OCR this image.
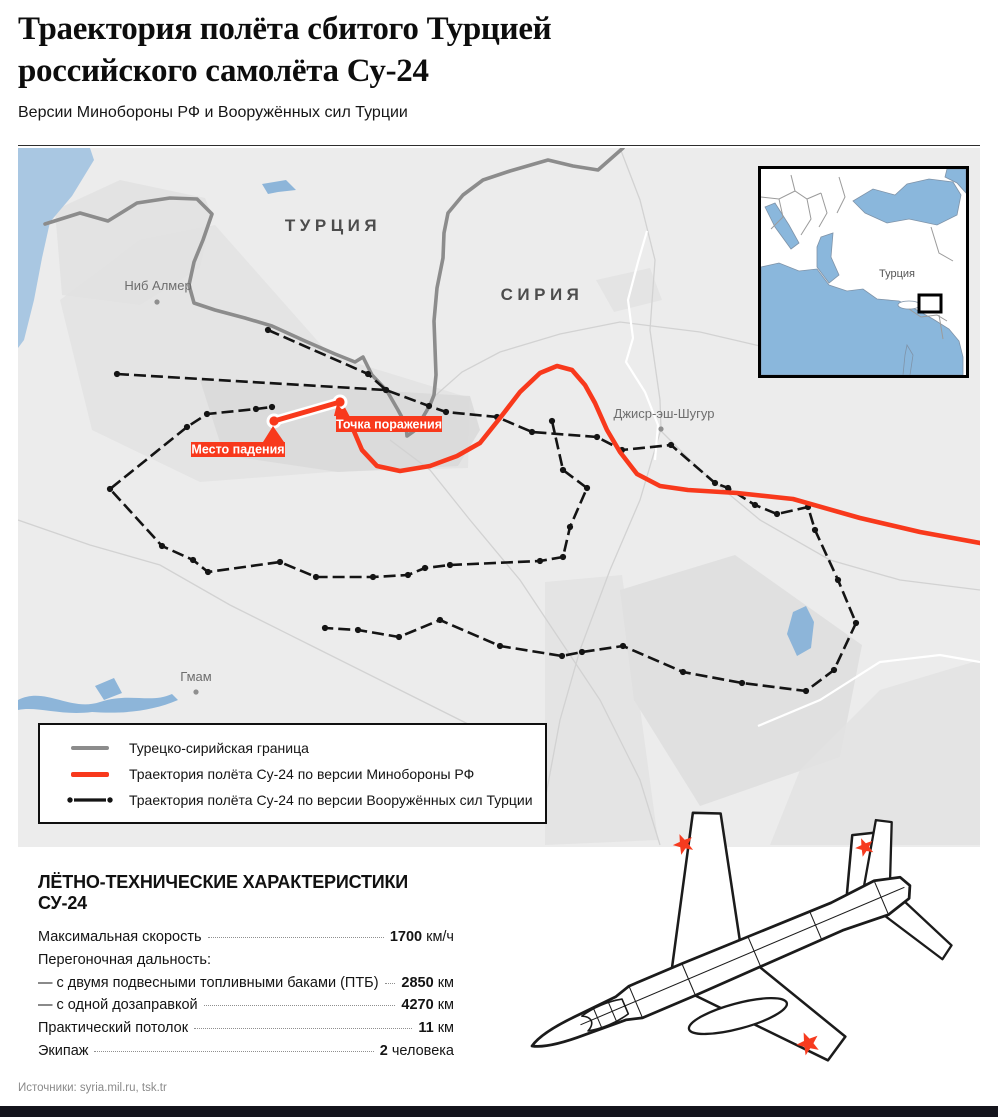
Траектория полёта сбитого Турцией
российского самолёта Су-24
Версии Минобороны РФ и Вооружённых сил Турции
Точка поражения
Место падения
ТУРЦИЯ
СИРИЯ
Ниб Алмер
Джиср-эш-Шугур
Гмам
Турция
Турецко-сирийская граница
Траектория полёта Су-24 по версии Минобороны РФ
Траектория полёта Су-24 по версии Вооружённых сил Турции
ЛЁТНО-ТЕХНИЧЕСКИЕ ХАРАКТЕРИСТИКИ СУ-24
Максимальная скорость	1700 км/ч
Перегоночная дальность:
— с двумя подвесными топливными баками (ПТБ) 2850 км
— с одной дозаправкой	4270 км
Практический потолок	11 км
Экипаж	2 человека
Источники: syria.mil.ru, tsk.tr
